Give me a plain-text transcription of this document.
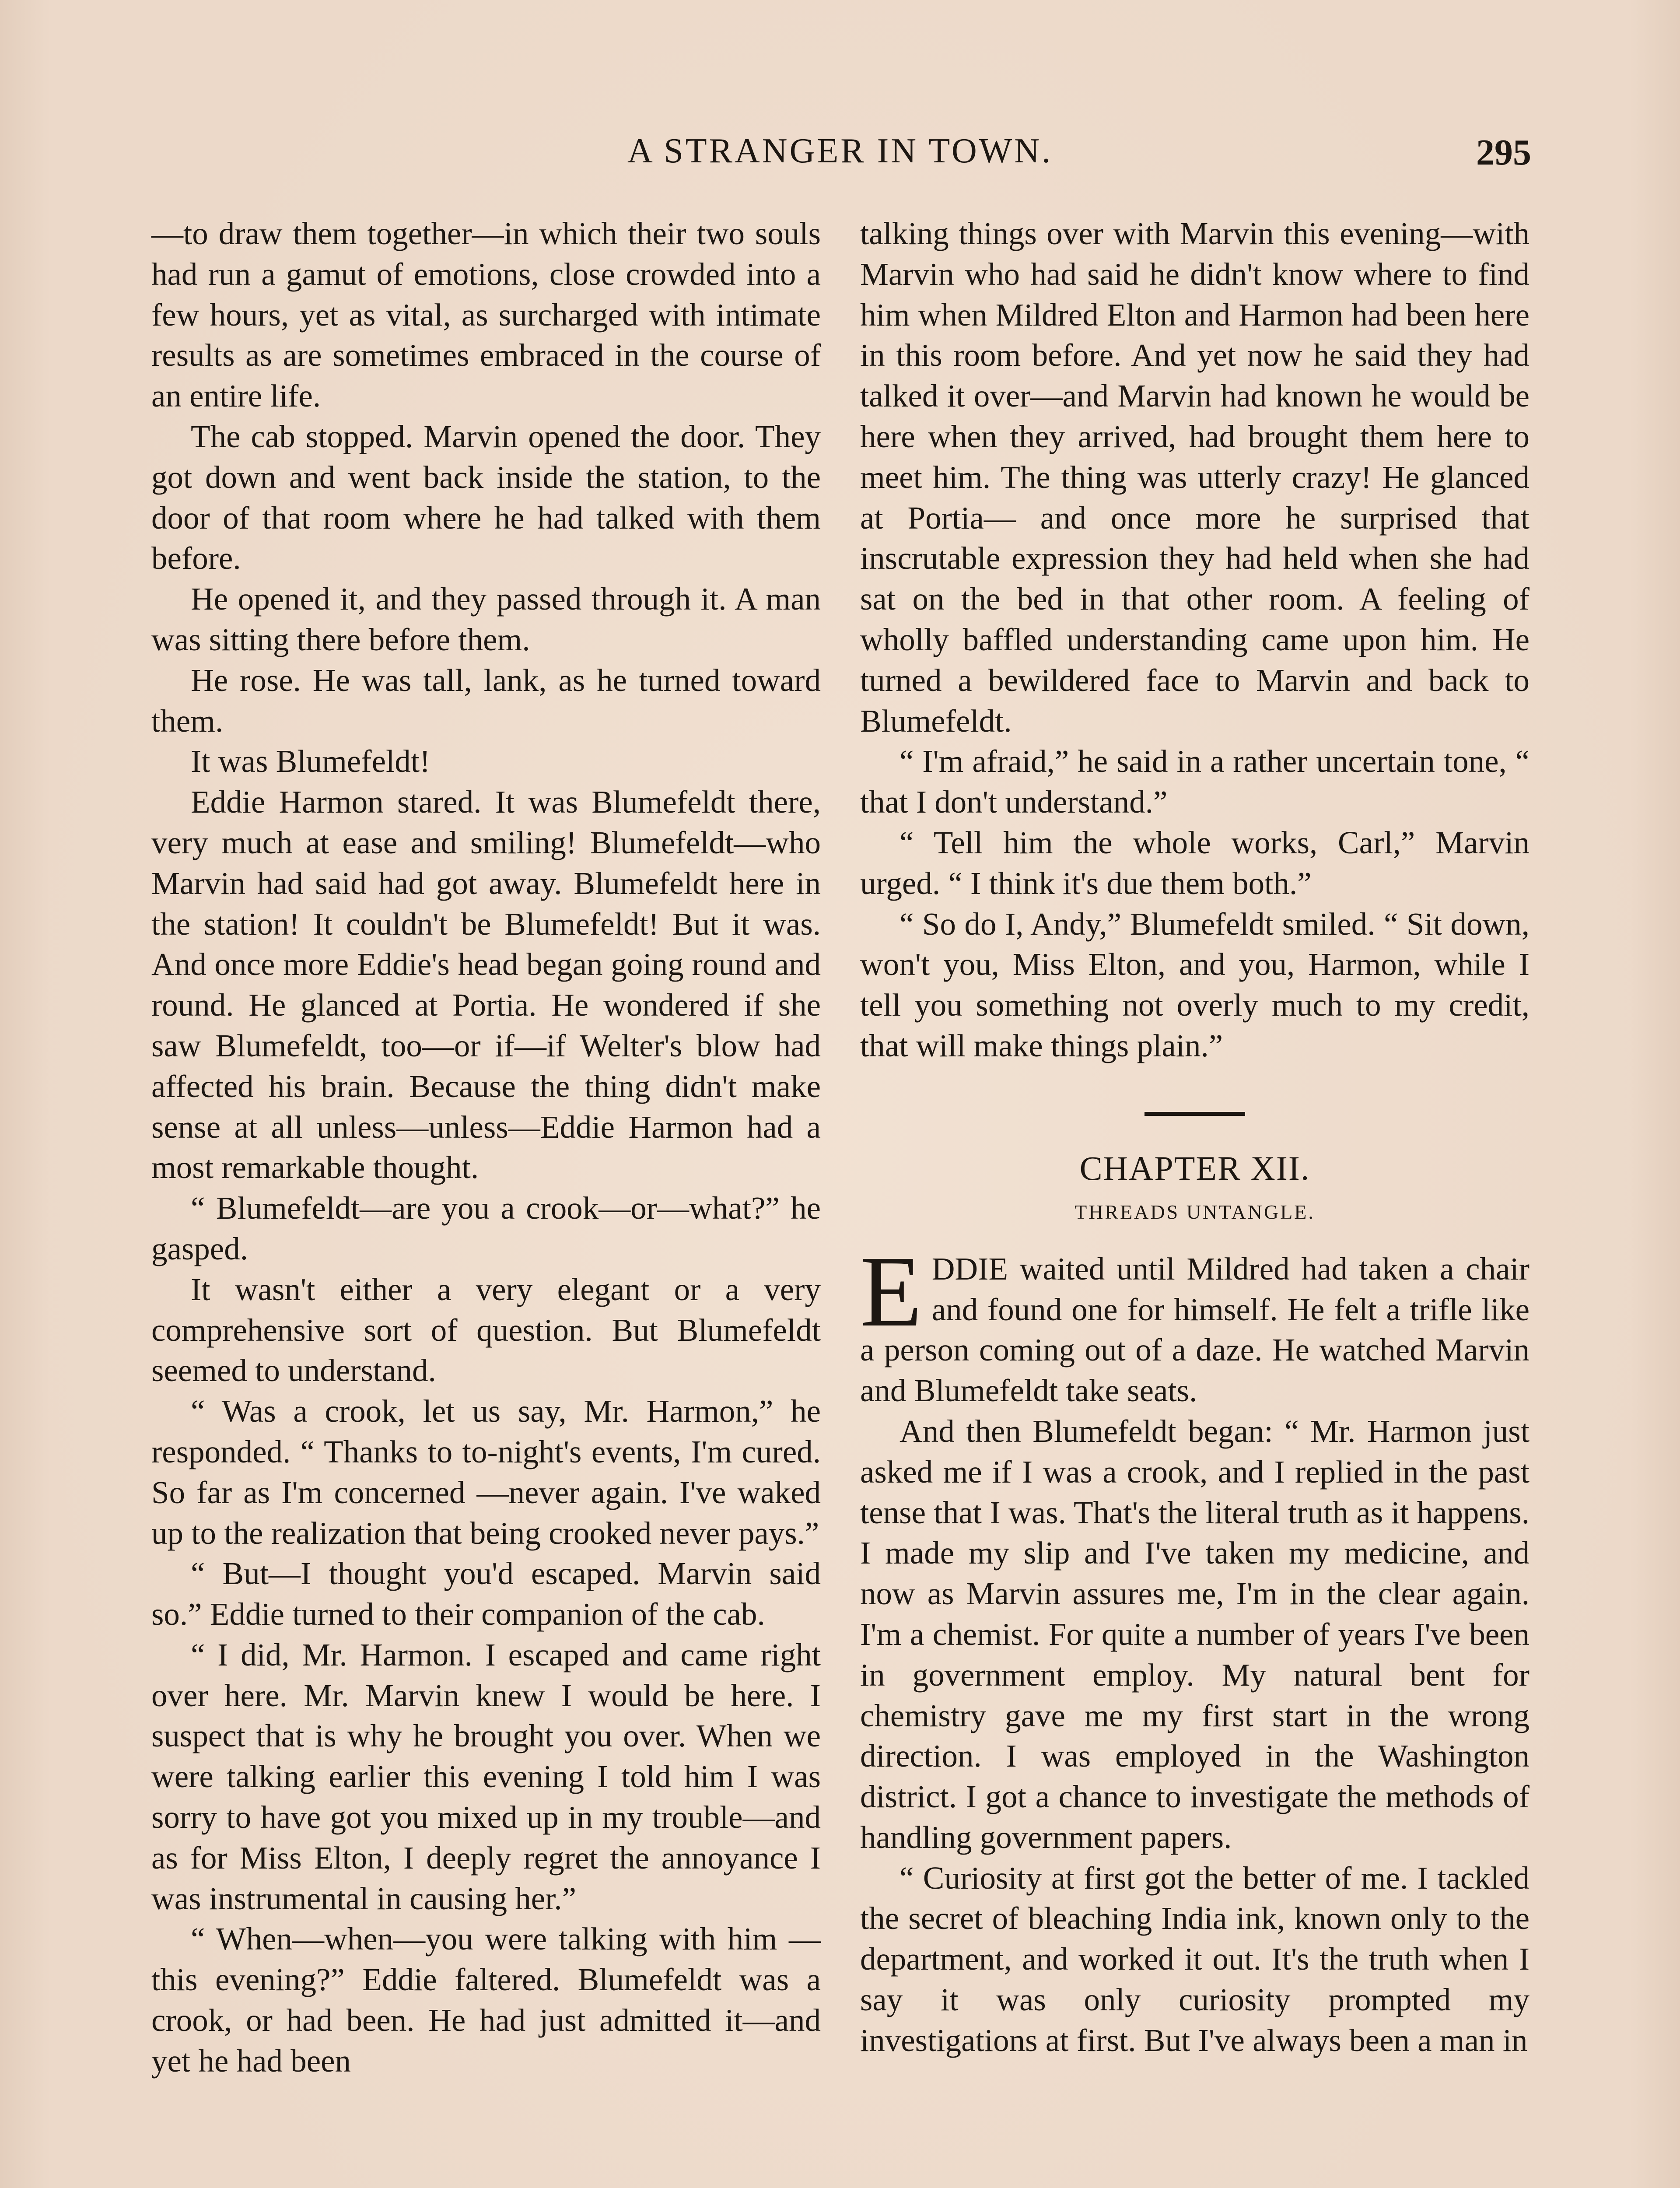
A STRANGER IN TOWN.	295

—to draw them together—in which their two souls had run a gamut of emotions, close crowded into a few hours, yet as vital, as surcharged with intimate results as are sometimes embraced in the course of an entire life.

The cab stopped. Marvin opened the door. They got down and went back inside the station, to the door of that room where he had talked with them before.

He opened it, and they passed through it. A man was sitting there before them.

He rose. He was tall, lank, as he turned toward them.

It was Blumefeldt!

Eddie Harmon stared. It was Blumefeldt there, very much at ease and smiling! Blumefeldt—who Marvin had said had got away. Blumefeldt here in the station! It couldn't be Blumefeldt! But it was. And once more Eddie's head began going round and round. He glanced at Portia. He wondered if she saw Blumefeldt, too—or if—if Welter's blow had affected his brain. Because the thing didn't make sense at all unless—unless—Eddie Harmon had a most remarkable thought.

“ Blumefeldt—are you a crook—or—what?” he gasped.

It wasn't either a very elegant or a very comprehensive sort of question. But Blumefeldt seemed to understand.

“ Was a crook, let us say, Mr. Harmon,” he responded. “ Thanks to to-night's events, I'm cured. So far as I'm concerned —never again. I've waked up to the realization that being crooked never pays.”

“ But—I thought you'd escaped. Marvin said so.” Eddie turned to their companion of the cab.

“ I did, Mr. Harmon. I escaped and came right over here. Mr. Marvin knew I would be here. I suspect that is why he brought you over. When we were talking earlier this evening I told him I was sorry to have got you mixed up in my trouble—and as for Miss Elton, I deeply regret the annoyance I was instrumental in causing her.”

“ When—when—you were talking with him — this evening?” Eddie faltered. Blumefeldt was a crook, or had been. He had just admitted it—and yet he had been

talking things over with Marvin this evening—with Marvin who had said he didn't know where to find him when Mildred Elton and Harmon had been here in this room before. And yet now he said they had talked it over—and Marvin had known he would be here when they arrived, had brought them here to meet him. The thing was utterly crazy! He glanced at Portia— and once more he surprised that inscrutable expression they had held when she had sat on the bed in that other room. A feeling of wholly baffled understanding came upon him. He turned a bewildered face to Marvin and back to Blumefeldt.

“ I'm afraid,” he said in a rather uncertain tone, “ that I don't understand.”

“ Tell him the whole works, Carl,” Marvin urged. “ I think it's due them both.”

“ So do I, Andy,” Blumefeldt smiled. “ Sit down, won't you, Miss Elton, and you, Harmon, while I tell you something not overly much to my credit, that will make things plain.”

CHAPTER XII.
THREADS UNTANGLE.

EDDIE waited until Mildred had taken a chair and found one for himself. He felt a trifle like a person coming out of a daze. He watched Marvin and Blumefeldt take seats.

And then Blumefeldt began: “ Mr. Harmon just asked me if I was a crook, and I replied in the past tense that I was. That's the literal truth as it happens. I made my slip and I've taken my medicine, and now as Marvin assures me, I'm in the clear again. I'm a chemist. For quite a number of years I've been in government employ. My natural bent for chemistry gave me my first start in the wrong direction. I was employed in the Washington district. I got a chance to investigate the methods of handling government papers.

“ Curiosity at first got the better of me. I tackled the secret of bleaching India ink, known only to the department, and worked it out. It's the truth when I say it was only curiosity prompted my investigations at first. But I've always been a man in
